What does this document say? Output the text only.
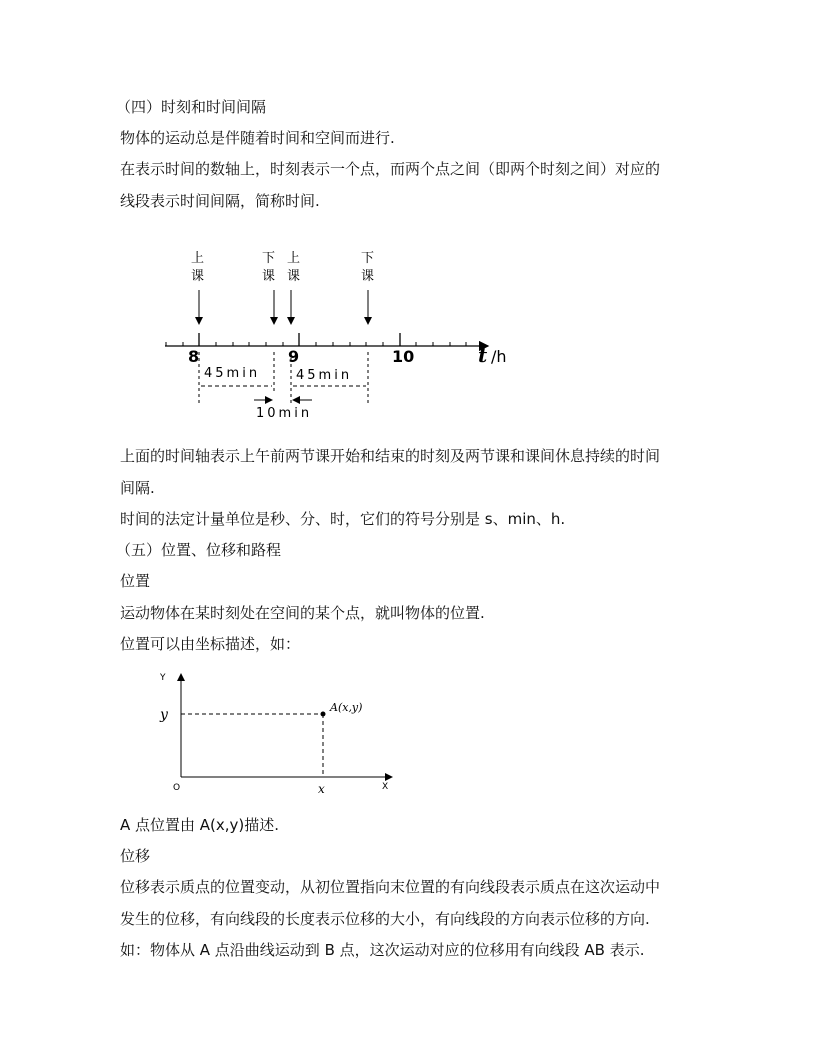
（四）时刻和时间间隔
物体的运动总是伴随着时间和空间而进行.
在表示时间的数轴上，时刻表示一个点，而两个点之间（即两个时刻之间）对应的
线段表示时间间隔，简称时间.
上
课
下
课
上
课
下
课
8	9	10	t /h
45min	45min
10min
上面的时间轴表示上午前两节课开始和结束的时刻及两节课和课间休息持续的时间
间隔.
时间的法定计量单位是秒、分、时，它们的符号分别是 s、min、h.
（五）位置、位移和路程
位置
运动物体在某时刻处在空间的某个点，就叫物体的位置.
位置可以由坐标描述，如：
Y
X
O
y
x
A(x,y)
A 点位置由 A(x,y)描述.
位移
位移表示质点的位置变动，从初位置指向末位置的有向线段表示质点在这次运动中
发生的位移，有向线段的长度表示位移的大小，有向线段的方向表示位移的方向.
如：物体从 A 点沿曲线运动到 B 点，这次运动对应的位移用有向线段 AB 表示.
